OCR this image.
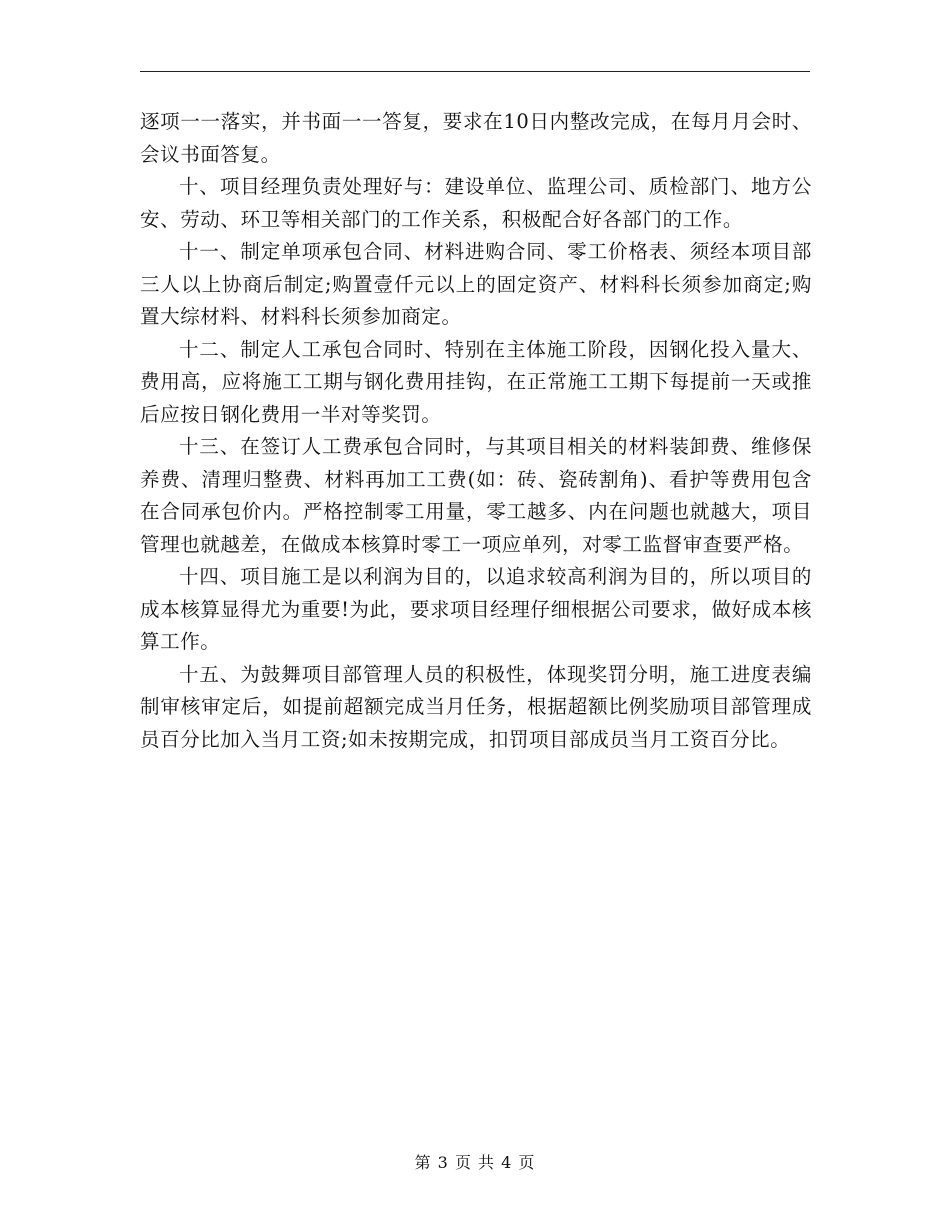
逐项一一落实，并书面一一答复，要求在10日内整改完成，在每月月会时、会议书面答复。

十、项目经理负责处理好与：建设单位、监理公司、质检部门、地方公安、劳动、环卫等相关部门的工作关系，积极配合好各部门的工作。

十一、制定单项承包合同、材料进购合同、零工价格表、须经本项目部三人以上协商后制定;购置壹仟元以上的固定资产、材料科长须参加商定;购置大综材料、材料科长须参加商定。

十二、制定人工承包合同时、特别在主体施工阶段，因钢化投入量大、费用高，应将施工工期与钢化费用挂钩，在正常施工工期下每提前一天或推后应按日钢化费用一半对等奖罚。

十三、在签订人工费承包合同时，与其项目相关的材料装卸费、维修保养费、清理归整费、材料再加工工费(如：砖、瓷砖割角)、看护等费用包含在合同承包价内。严格控制零工用量，零工越多、内在问题也就越大，项目管理也就越差，在做成本核算时零工一项应单列，对零工监督审查要严格。

十四、项目施工是以利润为目的，以追求较高利润为目的，所以项目的成本核算显得尤为重要!为此，要求项目经理仔细根据公司要求，做好成本核算工作。

十五、为鼓舞项目部管理人员的积极性，体现奖罚分明，施工进度表编制审核审定后，如提前超额完成当月任务，根据超额比例奖励项目部管理成员百分比加入当月工资;如未按期完成，扣罚项目部成员当月工资百分比。

第 3 页 共 4 页
